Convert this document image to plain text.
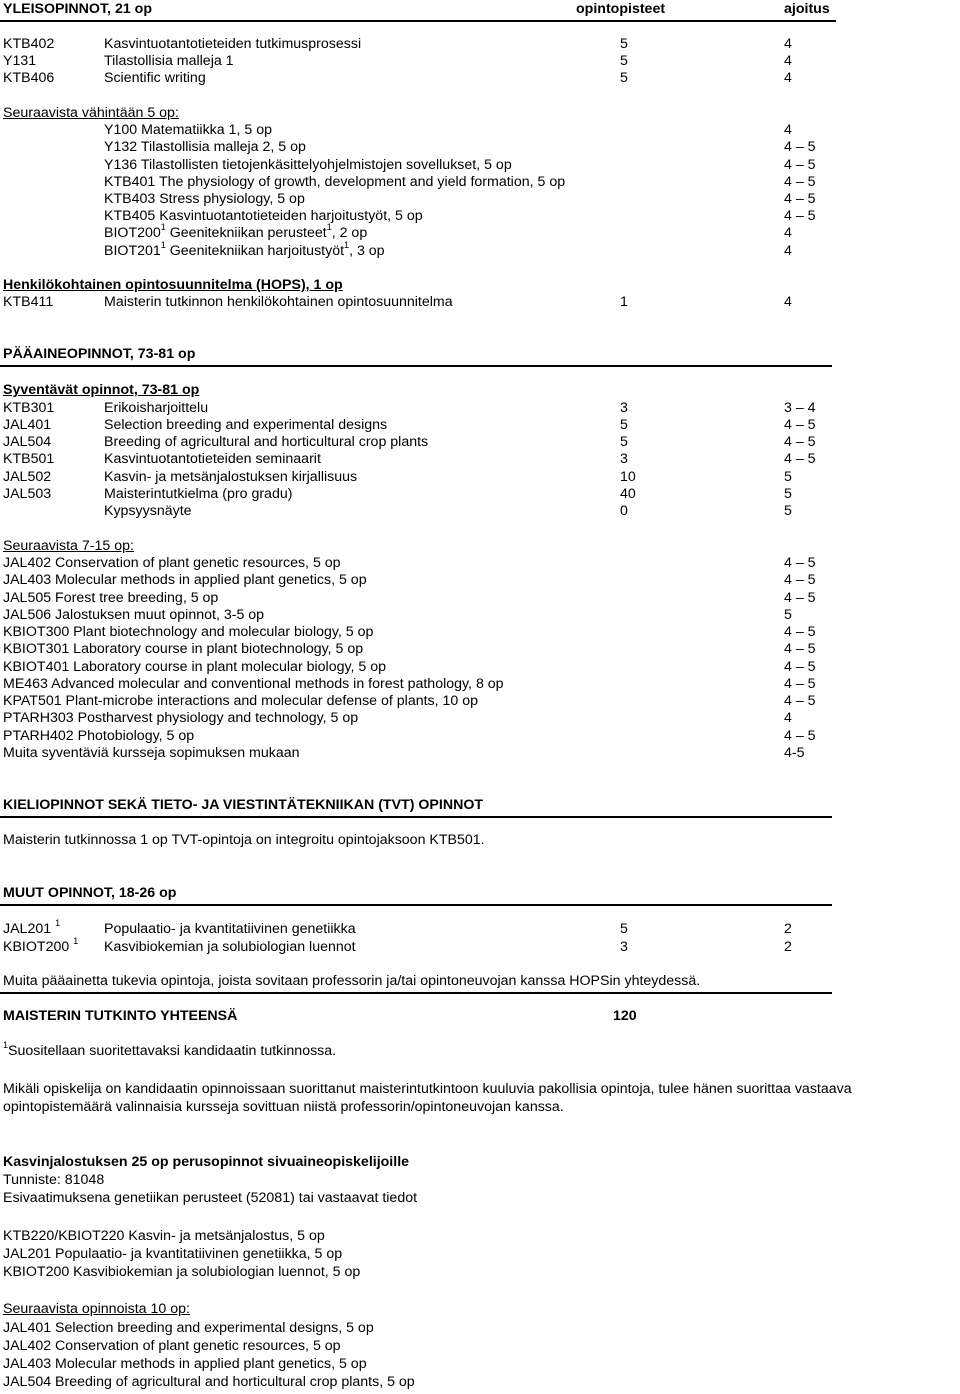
YLEISOPINNOT, 21 op	opintopisteet	ajoitus
KTB402	Kasvintuotantotieteiden tutkimusprosessi	5	4
Y131	Tilastollisia malleja 1	5	4
KTB406	Scientific writing	5	4
Seuraavista vähintään 5 op:
Y100 Matematiikka 1, 5 op	4
Y132 Tilastollisia malleja 2, 5 op	4 – 5
Y136 Tilastollisten tietojenkäsittelyohjelmistojen sovellukset, 5 op	4 – 5
KTB401 The physiology of growth, development and yield formation, 5 op	4 – 5
KTB403 Stress physiology, 5 op	4 – 5
KTB405 Kasvintuotantotieteiden harjoitustyöt, 5 op	4 – 5
$BIOT200^1$ Geenitekniikan perusteet$^1$, 2 op	4
$BIOT201^1$ Geenitekniikan harjoitustyöt$^1$, 3 op	4
Henkilökohtainen opintosuunnitelma (HOPS), 1 op
KTB411	Maisterin tutkinnon henkilökohtainen opintosuunnitelma	1	4
PÄÄAINEOPINNOT, 73-81 op
Syventävät opinnot, 73-81 op
KTB301	Erikoisharjoittelu	3	3 – 4
JAL401	Selection breeding and experimental designs	5	4 – 5
JAL504	Breeding of agricultural and horticultural crop plants	5	4 – 5
KTB501	Kasvintuotantotieteiden seminaarit	3	4 – 5
JAL502	Kasvin- ja metsänjalostuksen kirjallisuus	10	5
JAL503	Maisterintutkielma (pro gradu)	40	5
Kypsyysnäyte	0	5
Seuraavista 7-15 op:
JAL402 Conservation of plant genetic resources, 5 op	4 – 5
JAL403 Molecular methods in applied plant genetics, 5 op	4 – 5
JAL505 Forest tree breeding, 5 op	4 – 5
JAL506 Jalostuksen muut opinnot, 3-5 op	5
KBIOT300 Plant biotechnology and molecular biology, 5 op	4 – 5
KBIOT301 Laboratory course in plant biotechnology, 5 op	4 – 5
KBIOT401 Laboratory course in plant molecular biology, 5 op	4 – 5
ME463 Advanced molecular and conventional methods in forest pathology, 8 op	4 – 5
KPAT501 Plant-microbe interactions and molecular defense of plants, 10 op	4 – 5
PTARH303 Postharvest physiology and technology, 5 op	4
PTARH402 Photobiology, 5 op	4 – 5
Muita syventäviä kursseja sopimuksen mukaan	4-5
KIELIOPINNOT SEKÄ TIETO- JA VIESTINTÄTEKNIIKAN (TVT) OPINNOT
Maisterin tutkinnossa 1 op TVT-opintoja on integroitu opintojaksoon KTB501.
MUUT OPINNOT, 18-26 op
JAL201 $^1$	Populaatio- ja kvantitatiivinen genetiikka	5	2
KBIOT200 $^1$ Kasvibiokemian ja solubiologian luennot	3	2
Muita pääainetta tukevia opintoja, joista sovitaan professorin ja/tai opintoneuvojan kanssa HOPSin yhteydessä.
MAISTERIN TUTKINTO YHTEENSÄ	120
$^1$Suositellaan suoritettavaksi kandidaatin tutkinnossa.
Mikäli opiskelija on kandidaatin opinnoissaan suorittanut maisterintutkintoon kuuluvia pakollisia opintoja, tulee hänen suorittaa vastaava
opintopistemäärä valinnaisia kursseja sovittuan niistä professorin/opintoneuvojan kanssa.
Kasvinjalostuksen 25 op perusopinnot sivuaineopiskelijoille
Tunniste: 81048
Esivaatimuksena genetiikan perusteet (52081) tai vastaavat tiedot
KTB220/KBIOT220 Kasvin- ja metsänjalostus, 5 op
JAL201 Populaatio- ja kvantitatiivinen genetiikka, 5 op
KBIOT200 Kasvibiokemian ja solubiologian luennot, 5 op
Seuraavista opinnoista 10 op:
JAL401 Selection breeding and experimental designs, 5 op
JAL402 Conservation of plant genetic resources, 5 op
JAL403 Molecular methods in applied plant genetics, 5 op
JAL504 Breeding of agricultural and horticultural crop plants, 5 op
